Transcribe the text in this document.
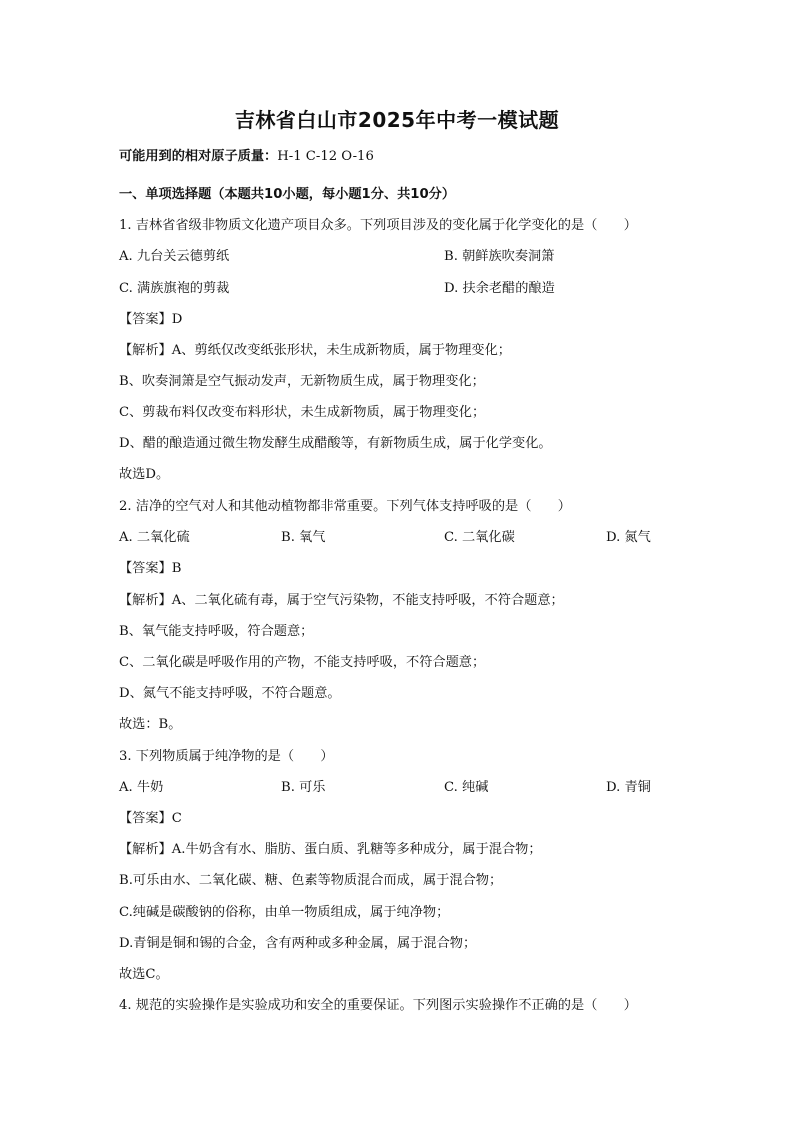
吉林省白山市2025年中考一模试题
可能用到的相对原子质量：H-1 C-12 O-16
一、单项选择题（本题共10小题，每小题1分、共10分）
1. 吉林省省级非物质文化遗产项目众多。下列项目涉及的变化属于化学变化的是（　　）
A. 九台关云德剪纸	B. 朝鲜族吹奏洞箫
C. 满族旗袍的剪裁	D. 扶余老醋的酿造
【答案】D
【解析】A、剪纸仅改变纸张形状，未生成新物质，属于物理变化；
B、吹奏洞箫是空气振动发声，无新物质生成，属于物理变化；
C、剪裁布料仅改变布料形状，未生成新物质，属于物理变化；
D、醋的酿造通过微生物发酵生成醋酸等，有新物质生成，属于化学变化。
故选D。
2. 洁净的空气对人和其他动植物都非常重要。下列气体支持呼吸的是（　　）
A. 二氧化硫	B. 氧气	C. 二氧化碳	D. 氮气
【答案】B
【解析】A、二氧化硫有毒，属于空气污染物，不能支持呼吸，不符合题意；
B、氧气能支持呼吸，符合题意；
C、二氧化碳是呼吸作用的产物，不能支持呼吸，不符合题意；
D、氮气不能支持呼吸，不符合题意。
故选：B。
3. 下列物质属于纯净物的是（　　）
A. 牛奶	B. 可乐	C. 纯碱	D. 青铜
【答案】C
【解析】A.牛奶含有水、脂肪、蛋白质、乳糖等多种成分，属于混合物；
B.可乐由水、二氧化碳、糖、色素等物质混合而成，属于混合物；
C.纯碱是碳酸钠的俗称，由单一物质组成，属于纯净物；
D.青铜是铜和锡的合金，含有两种或多种金属，属于混合物；
故选C。
4. 规范的实验操作是实验成功和安全的重要保证。下列图示实验操作不正确的是（　　）
